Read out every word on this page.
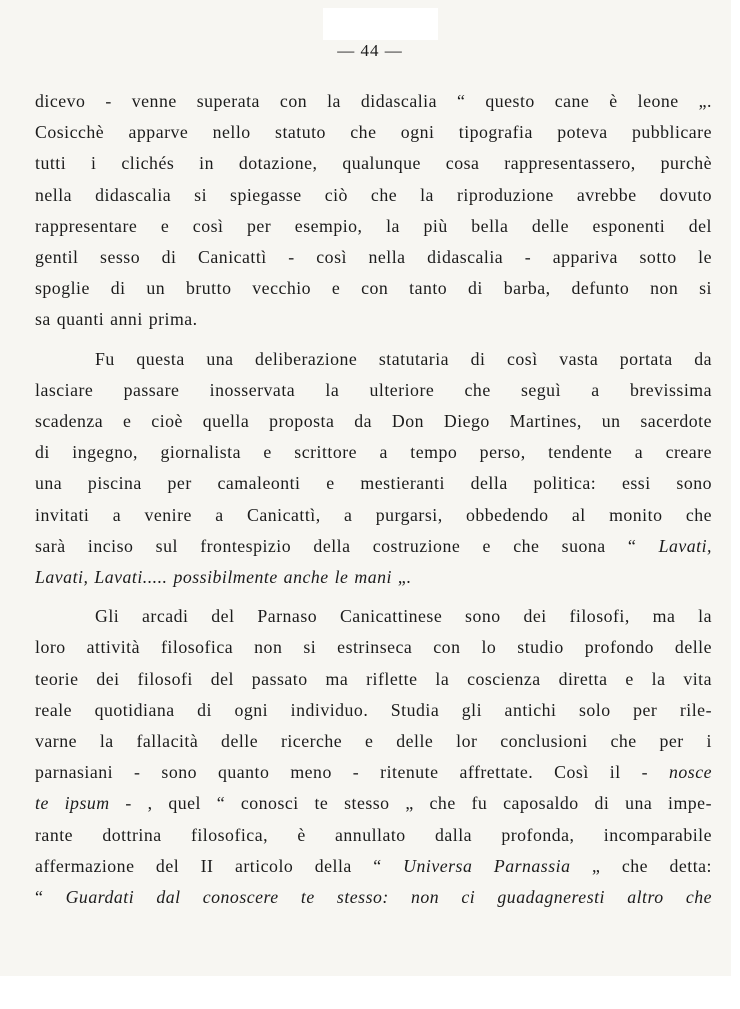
— 44 —

dicevo - venne superata con la didascalia “ questo cane è leone „.
Cosicchè apparve nello statuto che ogni tipografia poteva pubblicare
tutti i clichés in dotazione, qualunque cosa rappresentassero, purchè
nella didascalia si spiegasse ciò che la riproduzione avrebbe dovuto
rappresentare e così per esempio, la più bella delle esponenti del
gentil sesso di Canicattì - così nella didascalia - appariva sotto le
spoglie di un brutto vecchio e con tanto di barba, defunto non si
sa quanti anni prima.

Fu questa una deliberazione statutaria di così vasta portata da
lasciare passare inosservata la ulteriore che seguì a brevissima
scadenza e cioè quella proposta da Don Diego Martines, un sacerdote
di ingegno, giornalista e scrittore a tempo perso, tendente a creare
una piscina per camaleonti e mestieranti della politica: essi sono
invitati a venire a Canicattì, a purgarsi, obbedendo al monito che
sarà inciso sul frontespizio della costruzione e che suona “ Lavati,
Lavati, Lavati..... possibilmente anche le mani „.

Gli arcadi del Parnaso Canicattinese sono dei filosofi, ma la
loro attività filosofica non si estrinseca con lo studio profondo delle
teorie dei filosofi del passato ma riflette la coscienza diretta e la vita
reale quotidiana di ogni individuo. Studia gli antichi solo per rile-
varne la fallacità delle ricerche e delle lor conclusioni che per i
parnasiani - sono quanto meno - ritenute affrettate. Così il - nosce
te ipsum - , quel “ conosci te stesso „ che fu caposaldo di una impe-
rante dottrina filosofica, è annullato dalla profonda, incomparabile
affermazione del II articolo della “ Universa Parnassia „ che detta:
“ Guardati dal conoscere te stesso: non ci guadagneresti altro che
